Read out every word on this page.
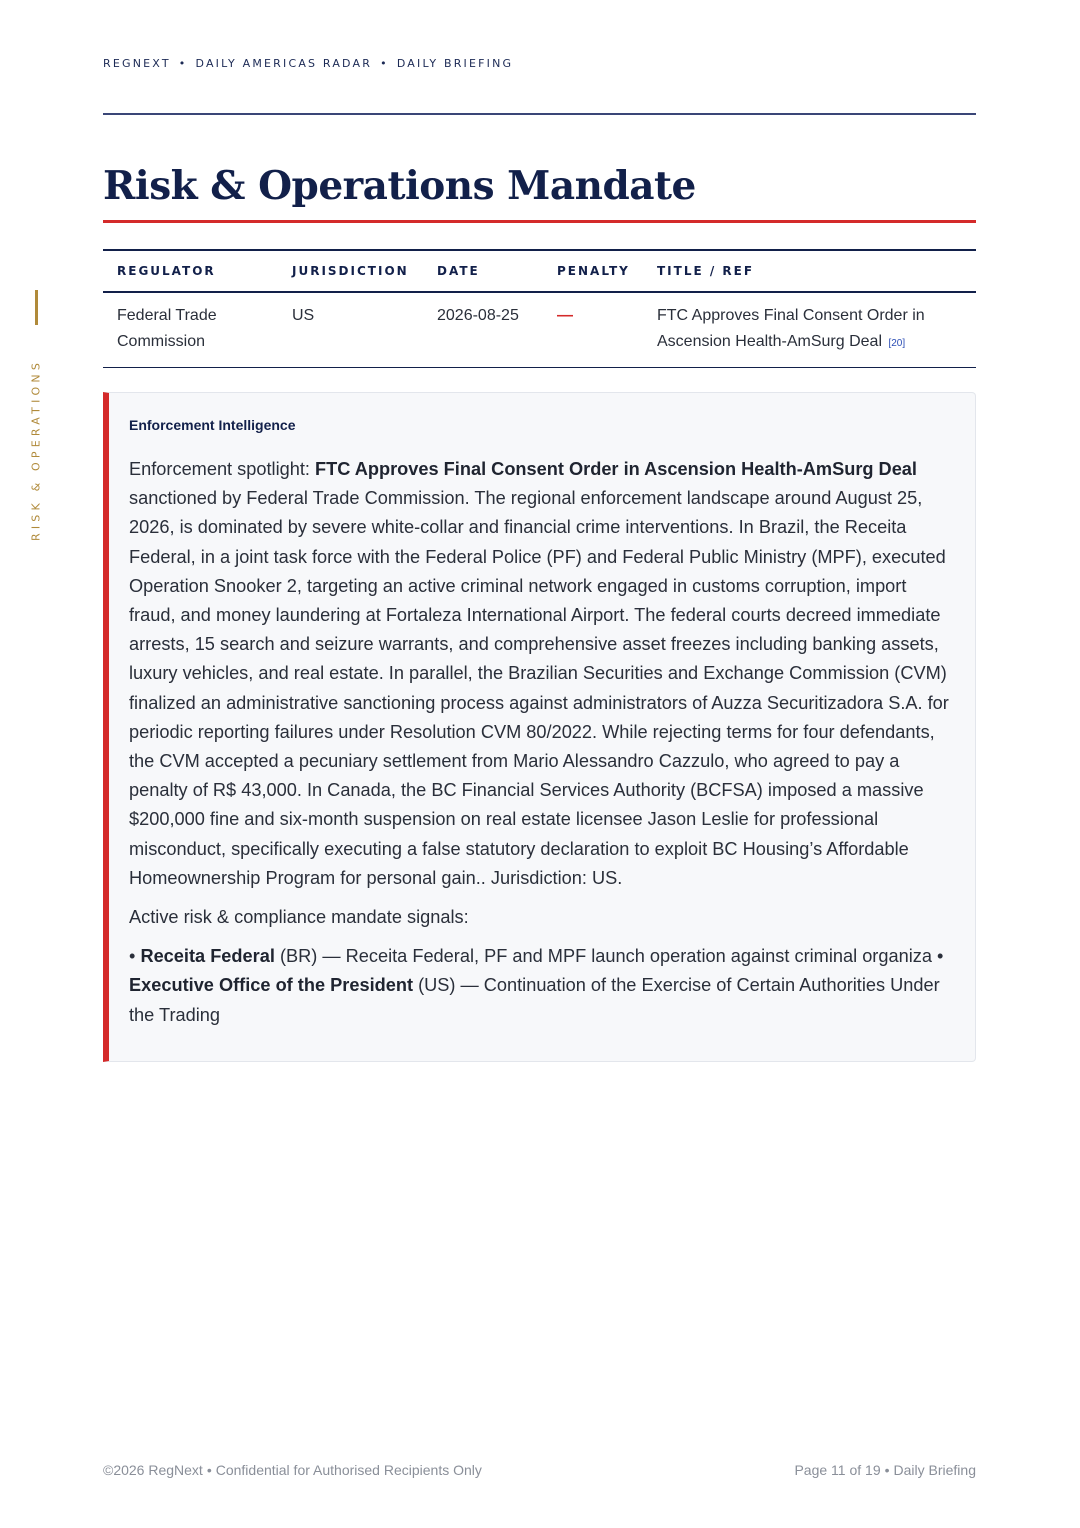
REGNEXT • DAILY AMERICAS RADAR • DAILY BRIEFING
RISK & OPERATIONS
Risk & Operations Mandate
REGULATOR	JURISDICTION	DATE	PENALTY	TITLE / REF
Federal Trade Commission	US	2026-08-25	—	FTC Approves Final Consent Order in Ascension Health-AmSurg Deal [20]
Enforcement Intelligence

Enforcement spotlight: FTC Approves Final Consent Order in Ascension Health-AmSurg Deal sanctioned by Federal Trade Commission. The regional enforcement landscape around August 25, 2026, is dominated by severe white-collar and financial crime interventions. In Brazil, the Receita Federal, in a joint task force with the Federal Police (PF) and Federal Public Ministry (MPF), executed Operation Snooker 2, targeting an active criminal network engaged in customs corruption, import fraud, and money laundering at Fortaleza International Airport. The federal courts decreed immediate arrests, 15 search and seizure warrants, and comprehensive asset freezes including banking assets, luxury vehicles, and real estate. In parallel, the Brazilian Securities and Exchange Commission (CVM) finalized an administrative sanctioning process against administrators of Auzza Securitizadora S.A. for periodic reporting failures under Resolution CVM 80/2022. While rejecting terms for four defendants, the CVM accepted a pecuniary settlement from Mario Alessandro Cazzulo, who agreed to pay a penalty of R$ 43,000. In Canada, the BC Financial Services Authority (BCFSA) imposed a massive $200,000 fine and six-month suspension on real estate licensee Jason Leslie for professional misconduct, specifically executing a false statutory declaration to exploit BC Housing’s Affordable Homeownership Program for personal gain.. Jurisdiction: US.

Active risk & compliance mandate signals:

• Receita Federal (BR) — Receita Federal, PF and MPF launch operation against criminal organiza • Executive Office of the President (US) — Continuation of the Exercise of Certain Authorities Under the Trading

©2026 RegNext • Confidential for Authorised Recipients Only	Page 11 of 19 • Daily Briefing
